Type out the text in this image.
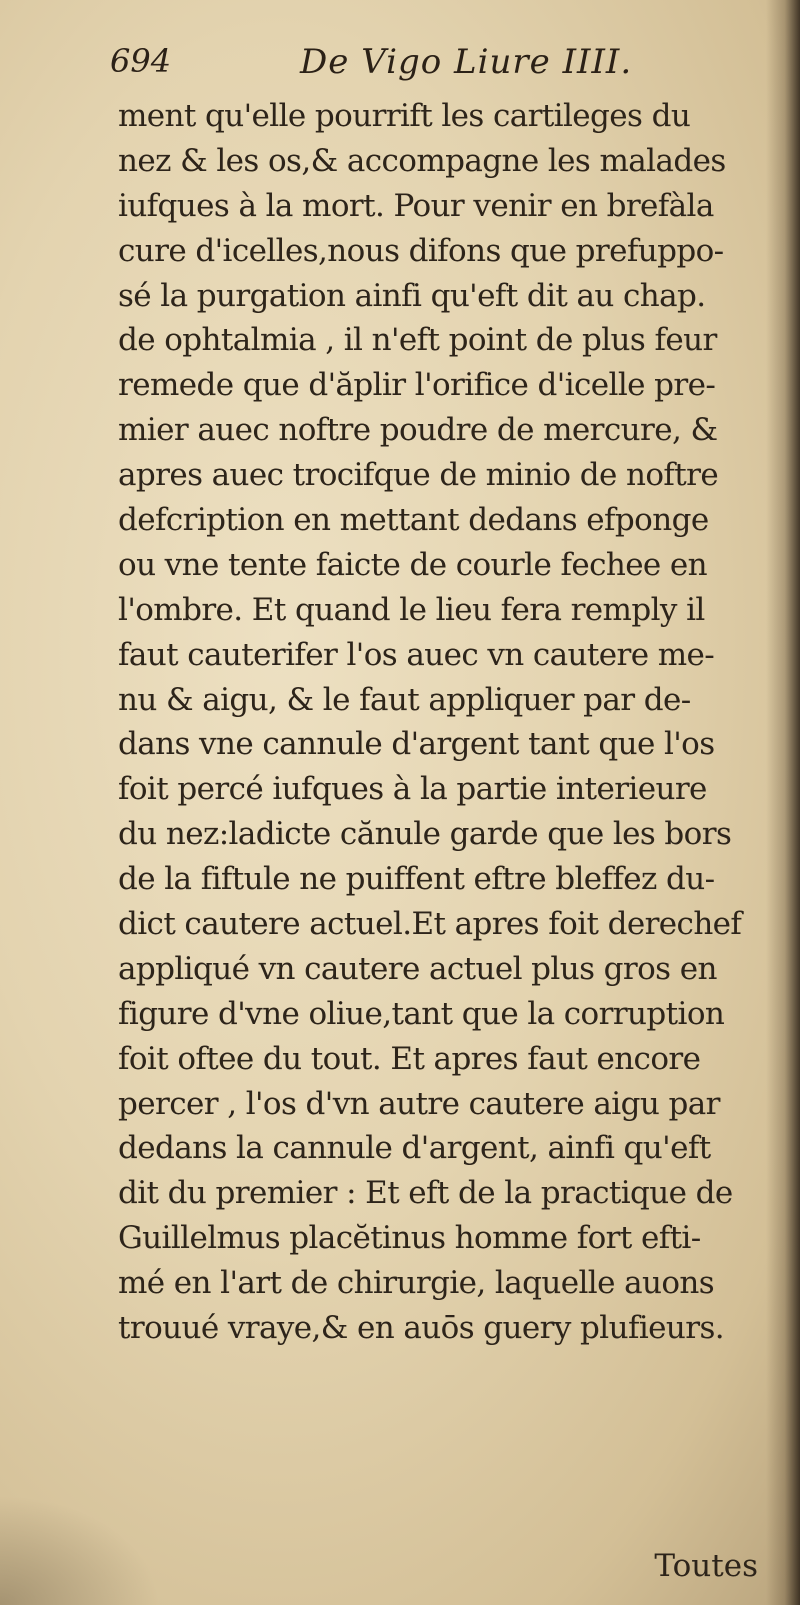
694	De Vigo Liure IIII.
ment qu'elle pourrift les cartileges du
nez & les os,& accompagne les malades
iufques à la mort. Pour venir en brefàla
cure d'icelles,nous difons que prefuppo-
sé la purgation ainfi qu'eft dit au chap.
de ophtalmia , il n'eft point de plus feur
remede que d'ăplir l'orifice d'icelle pre-
mier auec noftre poudre de mercure, &
apres auec trocifque de minio de noftre
defcription en mettant dedans efponge
ou vne tente faicte de courle fechee en
l'ombre. Et quand le lieu fera remply il
faut cauterifer l'os auec vn cautere me-
nu & aigu, & le faut appliquer par de-
dans vne cannule d'argent tant que l'os
foit percé iufques à la partie interieure
du nez:ladicte cănule garde que les bors
de la fiftule ne puiffent eftre bleffez du-
dict cautere actuel.Et apres foit derechef
appliqué vn cautere actuel plus gros en
figure d'vne oliue,tant que la corruption
foit oftee du tout. Et apres faut encore
percer , l'os d'vn autre cautere aigu par
dedans la cannule d'argent, ainfi qu'eft
dit du premier : Et eft de la practique de
Guillelmus placĕtinus homme fort efti-
mé en l'art de chirurgie, laquelle auons
trouué vraye,& en auōs guery plufieurs.
Toutes
